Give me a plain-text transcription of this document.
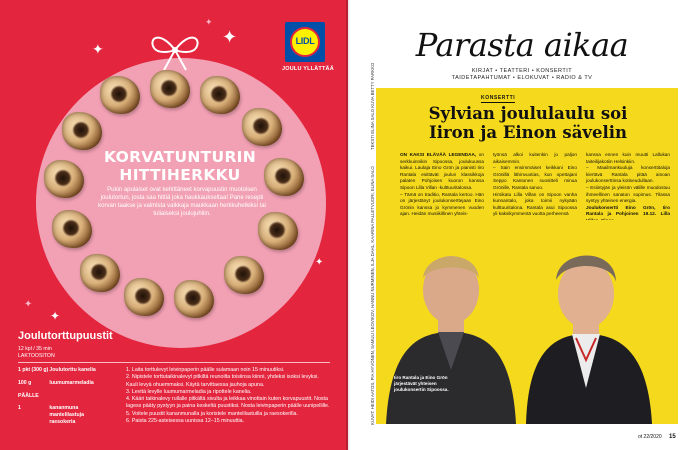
✦
✦
✦
✦
✦
✦
LIDL
JOULU YLLÄTTÄÄ
KORVATUNTURIN
HITTIHERKKU
Pukin apulaiset ovat kehittäneet korvapuustin muotoisen joulutortun, josta saa hittiä joka haukkaukseltaa! Pane resepti korvan taakse ja valmista valkkaja maukkaan herkkuhetkiksi tai tuliaiseksi joulujuhliin.
Joulutorttupuustit
12 kpl / 35 min
LAKTOOSITON
1 pkt (300 g) Joulutorttu kanelia
100 g	luumumarmeladia
PÄÄLLE
1	kananmuna
mantelilastuja
raesokeria
1. Laita torttulevyt leivinpaperin päälle sulamaan noin 15 minuutiksi.
2. Nipistele torttutaikinalevyt pitkiltä reunoilta toisiinsa kiinni, yhdeksi isoksi levyksi. Kauli levyä ohuemmaksi. Käytä tarvittaessa jauhoja apuna.
3. Levitä levylle luumumarmeladia ja ripottele kanelia.
4. Kääri taikinalevy rullalle pitkältä sivulta ja leikkaa vinottain kuten korvapuustit. Nosta lagess pääty pystyyn ja paina keskeltä puustiksi. Nosta leivinpaperin päälle uunipellille.
5. Voitele puustit kananmunalla ja koristele mantelilastuilla ja raesokerilla.
6. Paista 225-asteisessa uunissa 12–15 minuuttia.
Parasta aikaa
KIRJAT • TEATTERI • KONSERTIT
TAIDETAPAHTUMAT • ELOKUVAT • RADIO & TV
KONSERTTI
Sylvian joululaulu soi
Iiron ja Einon sävelin
TEKSTI ELINA SALO KUVA BETTY PARKKO

ON KAKSI ELÄVÄÄ LEGENDAA, on serkkuinnikin Sipoossa, joulukuussa kaikui. Laulaja Eino Grön ja pianisti Iiro Rantala esittävät joulun klassikkoja palaten Pohjoisen kuoron kanssa Sipoon Lilla Villan -kulttuuritalossa.

– Tämä on traditio, Rantala kertoo. Hän on järjestänyt joulukonserttejaan Eino Grönin kanssa jo kymmenen vuoden ajan. Heidän musiikillinen yhteis-

työnsä alkoi kuitenkin jo paljon aikaisemmin.

– Sain ensimmäiset keikkani Eino Grönillä lähinvuotias, kun opettajani Seppo Kantonen suositteli minua Grönille, Rantala sanoo.

Hirsikatu Lilla Villan on Sipoon vanha kunnantalo, joka toimii nykyään kulttuuritalona. Rantala asui Sipoossa yli kaksikymmentä vuotta perheensä

kanssa ennen kuin muutti Lallukan taiteilijakotiin Helsinkiin.

– Maailmankuuluja konserttitaloja kiertävä Rantala pitää ainoan joulukonserttinsa kotiseudullaan.

– Esiintyjän ja yleisön välille muodostuu ihmeellinen sanaton sopimus. Tilassa syntyy yhteinen energia.

Joulukonsertti Eino Grön, Iiro Rantala ja Pohjoinen 19.12. Lilla

Iiro Rantala ja Eino Grön järjestävät yhteisen joulukonsertin Sipoossa.
KUVAT: HEIDI AATOS, PIA HYVÖNEN, SAMULI LEOVIKOV, HANNU NURMINEN, ILJA DAHL, KAARINA PALLETVUORI, ELINA SALO
ot 22/2020 15
